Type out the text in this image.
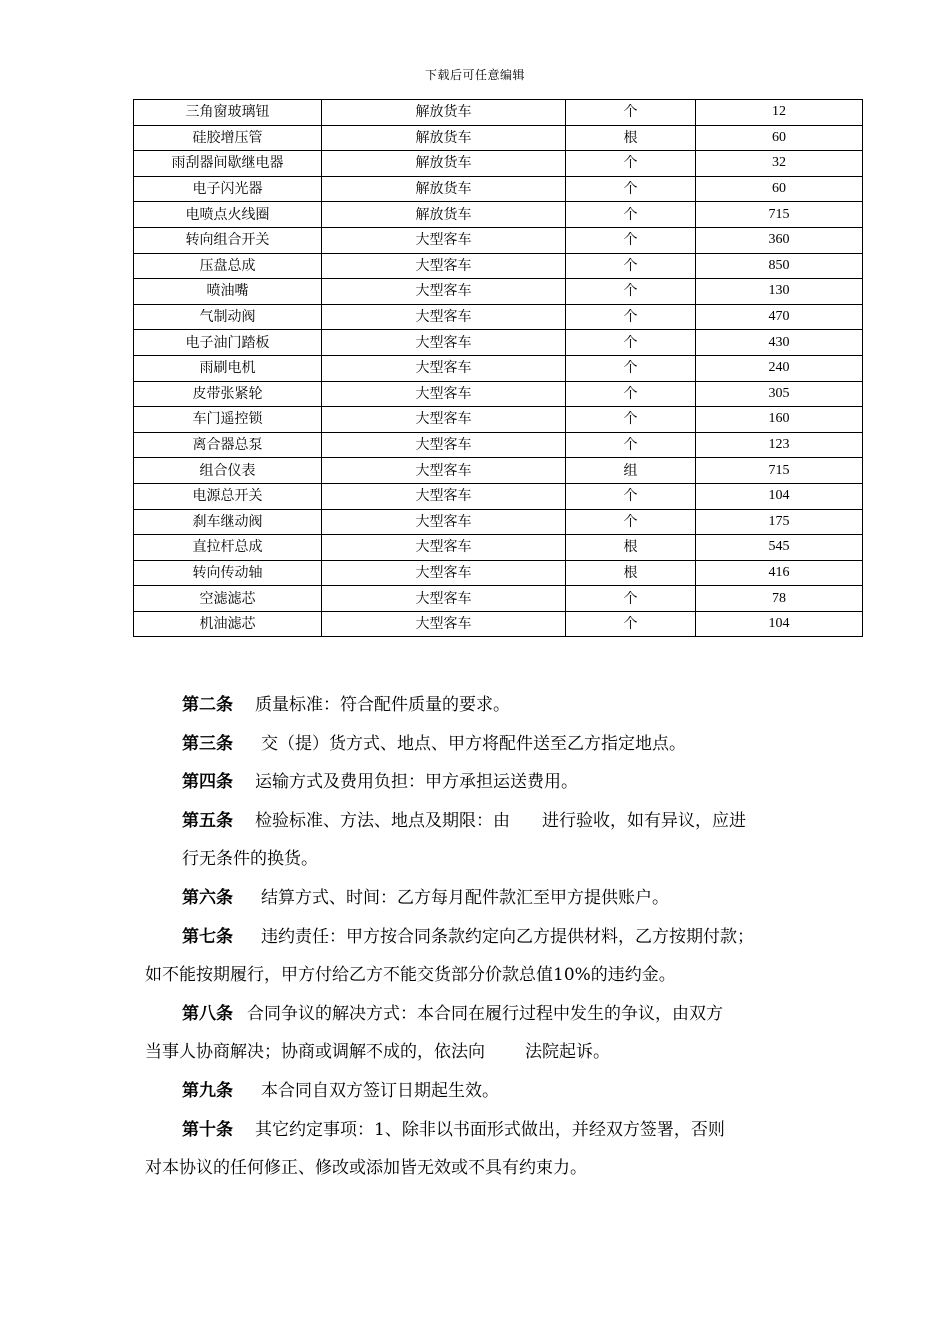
下载后可任意编辑
三角窗玻璃钮	解放货车	个	12
硅胶增压管	解放货车	根	60
雨刮器间歇继电器	解放货车	个	32
电子闪光器	解放货车	个	60
电喷点火线圈	解放货车	个	715
转向组合开关	大型客车	个	360
压盘总成	大型客车	个	850
喷油嘴	大型客车	个	130
气制动阀	大型客车	个	470
电子油门踏板	大型客车	个	430
雨刷电机	大型客车	个	240
皮带张紧轮	大型客车	个	305
车门遥控锁	大型客车	个	160
离合器总泵	大型客车	个	123
组合仪表	大型客车	组	715
电源总开关	大型客车	个	104
刹车继动阀	大型客车	个	175
直拉杆总成	大型客车	根	545
转向传动轴	大型客车	根	416
空滤滤芯	大型客车	个	78
机油滤芯	大型客车	个	104

第二条 质量标准：符合配件质量的要求。

第三条 交（提）货方式、地点、甲方将配件送至乙方指定地点。

第四条 运输方式及费用负担：甲方承担运送费用。

第五条 检验标准、方法、地点及期限：由 进行验收，如有异议，应进

行无条件的换货。

第六条 结算方式、时间：乙方每月配件款汇至甲方提供账户。

第七条 违约责任：甲方按合同条款约定向乙方提供材料，乙方按期付款；

如不能按期履行，甲方付给乙方不能交货部分价款总值10%的违约金。

第八条 合同争议的解决方式：本合同在履行过程中发生的争议，由双方

当事人协商解决；协商或调解不成的，依法向 法院起诉。

第九条 本合同自双方签订日期起生效。

第十条 其它约定事项：1、除非以书面形式做出，并经双方签署，否则

对本协议的任何修正、修改或添加皆无效或不具有约束力。
